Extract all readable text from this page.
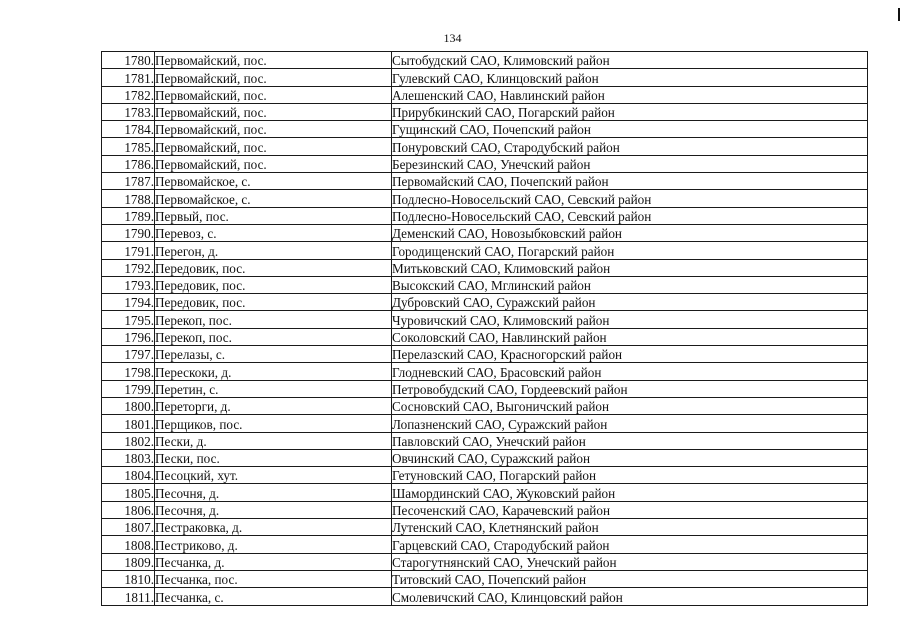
134
1780.	Первомайский, пос.	Сытобудский САО, Климовский район
1781.	Первомайский, пос.	Гулевский САО, Клинцовский район
1782.	Первомайский, пос.	Алешенский САО, Навлинский район
1783.	Первомайский, пос.	Прирубкинский САО, Погарский район
1784.	Первомайский, пос.	Гущинский САО, Почепский район
1785.	Первомайский, пос.	Понуровский САО, Стародубский район
1786.	Первомайский, пос.	Березинский САО, Унечский район
1787.	Первомайское, с.	Первомайский САО, Почепский район
1788.	Первомайское, с.	Подлесно-Новосельский САО, Севский район
1789.	Первый, пос.	Подлесно-Новосельский САО, Севский район
1790.	Перевоз, с.	Деменский САО, Новозыбковский район
1791.	Перегон, д.	Городищенский САО, Погарский район
1792.	Передовик, пос.	Митьковский САО, Климовский район
1793.	Передовик, пос.	Высокский САО, Мглинский район
1794.	Передовик, пос.	Дубровский САО, Суражский район
1795.	Перекоп, пос.	Чуровичский САО, Климовский район
1796.	Перекоп, пос.	Соколовский САО, Навлинский район
1797.	Перелазы, с.	Перелазский САО, Красногорский район
1798.	Перескоки, д.	Глодневский САО, Брасовский район
1799.	Перетин, с.	Петровобудский САО, Гордеевский район
1800.	Переторги, д.	Сосновский САО, Выгоничский район
1801.	Перщиков, пос.	Лопазненский САО, Суражский район
1802.	Пески, д.	Павловский САО, Унечский район
1803.	Пески, пос.	Овчинский САО, Суражский район
1804.	Песоцкий, хут.	Гетуновский САО, Погарский район
1805.	Песочня, д.	Шамординский САО, Жуковский район
1806.	Песочня, д.	Песоченский САО, Карачевский район
1807.	Пестраковка, д.	Лутенский САО, Клетнянский район
1808.	Пестриково, д.	Гарцевский САО, Стародубский район
1809.	Песчанка, д.	Старогутнянский САО, Унечский район
1810.	Песчанка, пос.	Титовский САО, Почепский район
1811.	Песчанка, с.	Смолевичский САО, Клинцовский район
